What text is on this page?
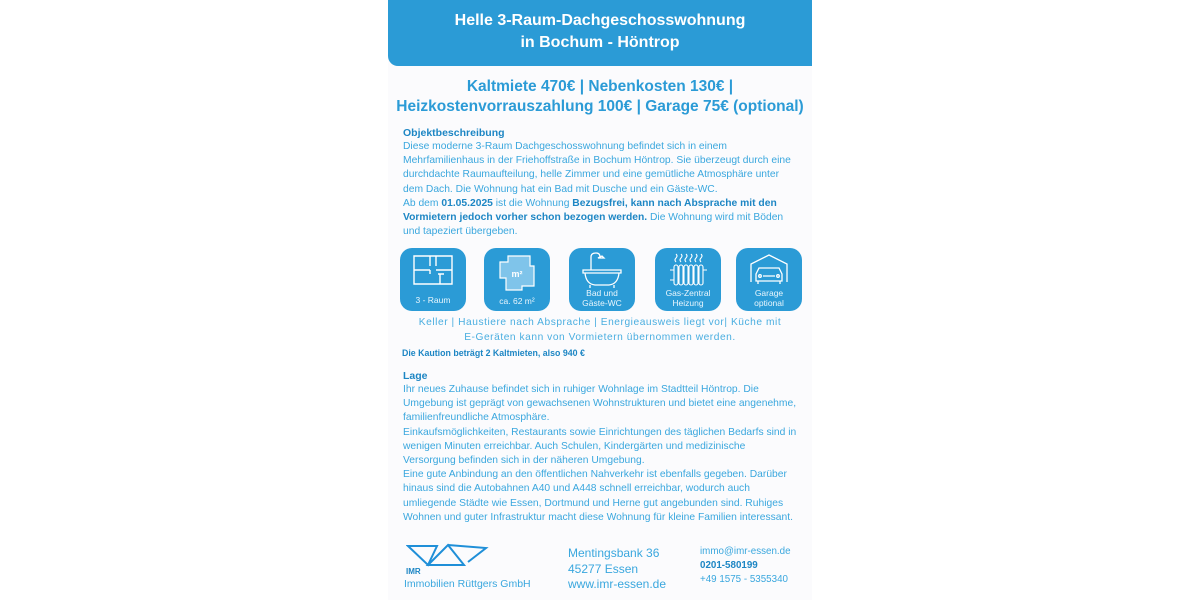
Helle 3-Raum-Dachgeschosswohnung
in Bochum - Höntrop
Kaltmiete 470€ | Nebenkosten 130€ |
Heizkostenvorrauszahlung 100€ | Garage 75€ (optional)
Objektbeschreibung

Diese moderne 3-Raum Dachgeschosswohnung befindet sich in einem Mehrfamilienhaus in der Friehoffstraße in Bochum Höntrop. Sie überzeugt durch eine durchdachte Raumaufteilung, helle Zimmer und eine gemütliche Atmosphäre unter dem Dach. Die Wohnung hat ein Bad mit Dusche und ein Gäste-WC.

Ab dem 01.05.2025 ist die Wohnung Bezugsfrei, kann nach Absprache mit den Vormietern jedoch vorher schon bezogen werden. Die Wohnung wird mit Böden und tapeziert übergeben.

3 - Raum
m²
ca. 62 m²
Bad und
Gäste-WC
Gas-Zentral
Heizung
Garage
optional
Keller | Haustiere nach Absprache | Energieausweis liegt vor| Küche mit
E-Geräten kann von Vormietern übernommen werden.
Die Kaution beträgt 2 Kaltmieten, also 940 €
Lage

Ihr neues Zuhause befindet sich in ruhiger Wohnlage im Stadtteil Höntrop. Die Umgebung ist geprägt von gewachsenen Wohnstrukturen und bietet eine angenehme, familienfreundliche Atmosphäre.

Einkaufsmöglichkeiten, Restaurants sowie Einrichtungen des täglichen Bedarfs sind in wenigen Minuten erreichbar. Auch Schulen, Kindergärten und medizinische Versorgung befinden sich in der näheren Umgebung.

Eine gute Anbindung an den öffentlichen Nahverkehr ist ebenfalls gegeben. Darüber hinaus sind die Autobahnen A40 und A448 schnell erreichbar, wodurch auch umliegende Städte wie Essen, Dortmund und Herne gut angebunden sind. Ruhiges Wohnen und guter Infrastruktur macht diese Wohnung für kleine Familien interessant.

IMR
Immobilien Rüttgers GmbH
Mentingsbank 36
45277 Essen
www.imr-essen.de
immo@imr-essen.de
0201-580199
+49 1575 - 5355340
